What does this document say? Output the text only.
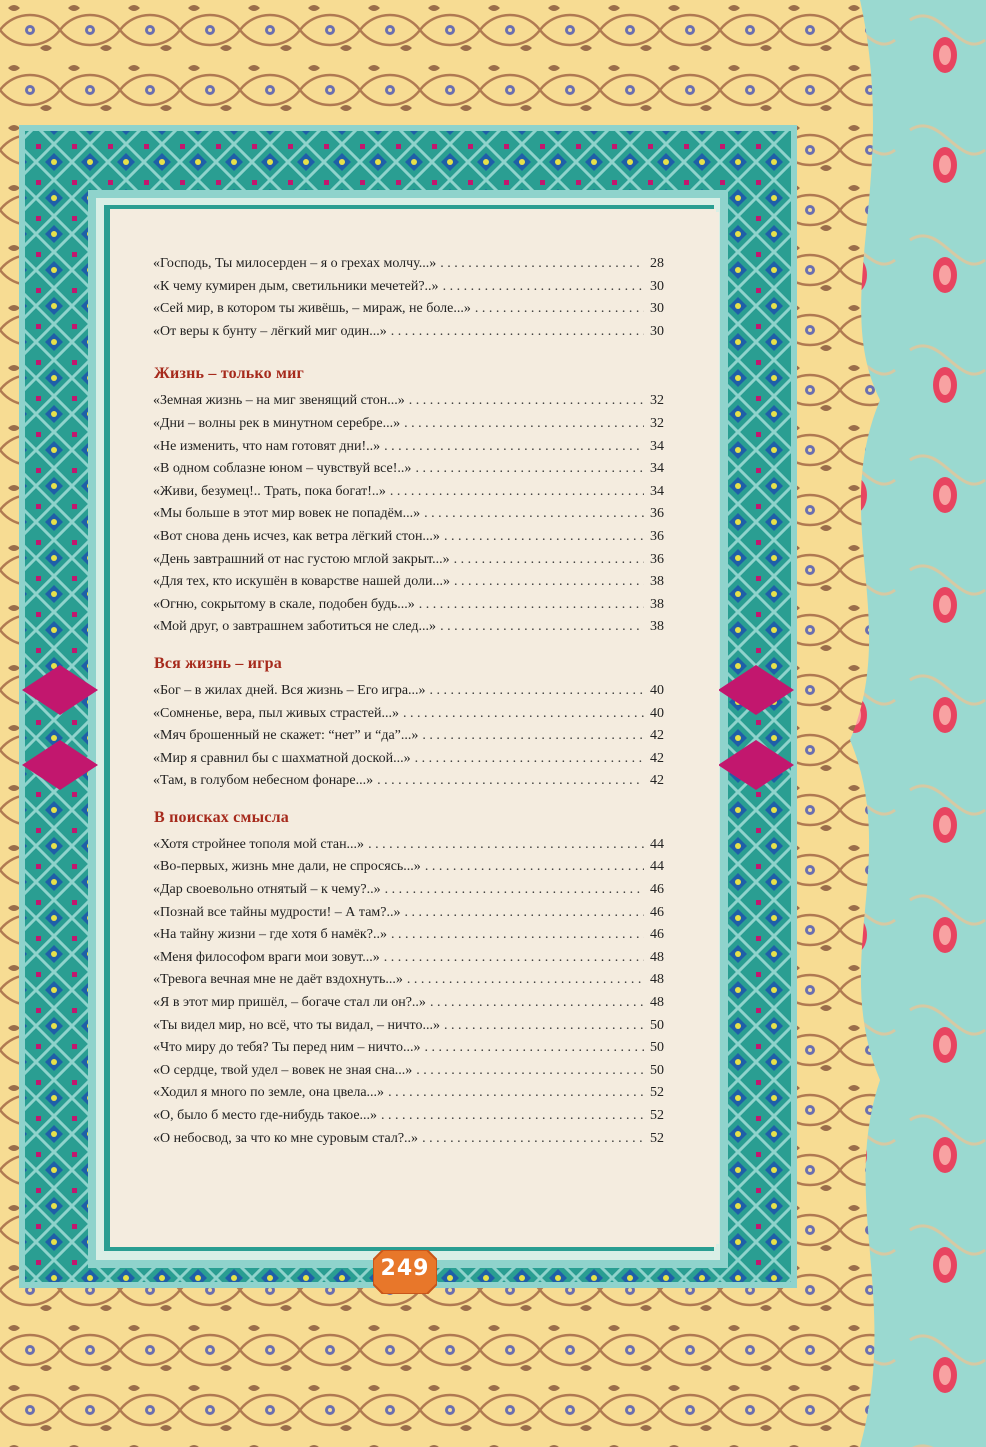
«Господь, Ты милосерден – я о грехах молчу...» . . .	28
«К чему кумирен дым, светильники мечетей?..» . . .	30
«Сей мир, в котором ты живёшь, – мираж, не боле...» . . .	30
«От веры к бунту – лёгкий миг один...» . . .	30
Жизнь – только миг
«Земная жизнь – на миг звенящий стон...» . . .	32
«Дни – волны рек в минутном серебре...» . . .	32
«Не изменить, что нам готовят дни!..» . . .	34
«В одном соблазне юном – чувствуй все!..» . . .	34
«Живи, безумец!.. Трать, пока богат!..» . . .	34
«Мы больше в этот мир вовек не попадём...» . . .	36
«Вот снова день исчез, как ветра лёгкий стон...» . . .	36
«День завтрашний от нас густою мглой закрыт...» . . .	36
«Для тех, кто искушён в коварстве нашей доли...» . . .	38
«Огню, сокрытому в скале, подобен будь...» . . .	38
«Мой друг, о завтрашнем заботиться не след...» . . .	38
Вся жизнь – игра
«Бог – в жилах дней. Вся жизнь – Его игра...» . . .	40
«Сомненье, вера, пыл живых страстей...» . . .	40
«Мяч брошенный не скажет: “нет” и “да”...» . . .	42
«Мир я сравнил бы с шахматной доской...» . . .	42
«Там, в голубом небесном фонаре...» . . .	42
В поисках смысла
«Хотя стройнее тополя мой стан...» . . .	44
«Во-первых, жизнь мне дали, не спросясь...» . . .	44
«Дар своевольно отнятый – к чему?..» . . .	46
«Познай все тайны мудрости! – А там?..» . . .	46
«На тайну жизни – где хотя б намёк?..» . . .	46
«Меня философом враги мои зовут...» . . .	48
«Тревога вечная мне не даёт вздохнуть...» . . .	48
«Я в этот мир пришёл, – богаче стал ли он?..» . . .	48
«Ты видел мир, но всё, что ты видал, – ничто...» . . .	50
«Что миру до тебя? Ты перед ним – ничто...» . . .	50
«О сердце, твой удел – вовек не зная сна...» . . .	50
«Ходил я много по земле, она цвела...» . . .	52
«О, было б место где-нибудь такое...» . . .	52
«О небосвод, за что ко мне суровым стал?..» . . .	52
249
